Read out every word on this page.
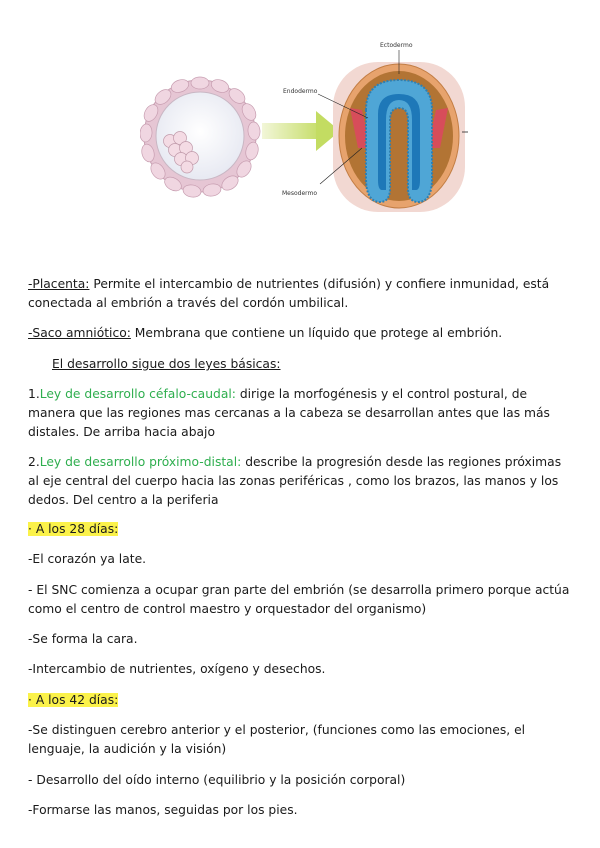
Ectodermo
Endodermo
Mesodermo
-Placenta: Permite el intercambio de nutrientes (difusión) y confiere inmunidad, está conectada al embrión a través del cordón umbilical.
-Saco amniótico: Membrana que contiene un líquido que protege al embrión.
El desarrollo sigue dos leyes básicas:
1.Ley de desarrollo céfalo-caudal: dirige la morfogénesis y el control postural, de manera que las regiones mas cercanas a la cabeza se desarrollan antes que las más distales. De arriba hacia abajo
2.Ley de desarrollo próximo-distal: describe la progresión desde las regiones próximas al eje central del cuerpo hacia las zonas periféricas , como los brazos, las manos y los dedos. Del centro a la periferia
· A los 28 días:
-El corazón ya late.
- El SNC comienza a ocupar gran parte del embrión (se desarrolla primero porque actúa como el centro de control maestro y orquestador del organismo)
-Se forma la cara.
-Intercambio de nutrientes, oxígeno y desechos.
· A los 42 días:
-Se distinguen cerebro anterior y el posterior, (funciones como las emociones, el lenguaje, la audición y la visión)
- Desarrollo del oído interno (equilibrio y la posición corporal)
-Formarse las manos, seguidas por los pies.
